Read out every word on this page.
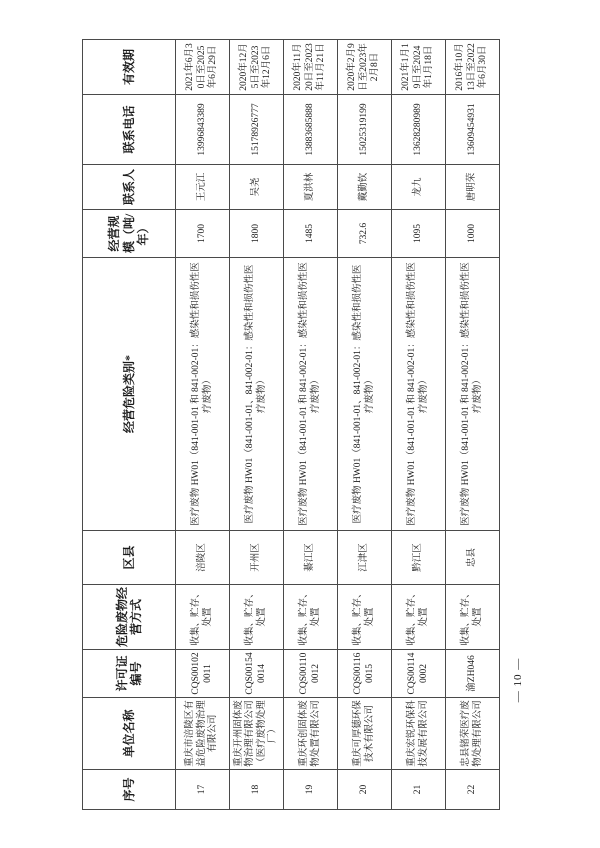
序号	单位名称	许可证编号	危险废物经营方式	区县	经营危险类别*	经营规模（吨/年）	联系人	联系电话	有效期
17	重庆市涪陵区有益危险废物治理有限公司	CQS001020011	收集、贮存、处置	涪陵区	医疗废物 HW01（841-001-01 和 841-002-01：感染性和损伤性医疗废物）	1700	王元江	13996843389	2021年6月30日至2025年6月29日
18	重庆开州固体废物治理有限公司（医疗废物处理厂）	CQS001540014	收集、贮存、处置	开州区	医疗废物 HW01（841-001-01、841-002-01：感染性和损伤性医疗废物）	1800	吴尧	15178926777	2020年12月5日至2023年12月6日
19	重庆环创固体废物处置有限公司	CQS001100012	收集、贮存、处置	綦江区	医疗废物 HW01（841-001-01 和 841-002-01：感染性和损伤性医疗废物）	1485	夏洪林	13883685888	2020年11月20日至2023年11月21日
20	重庆可厚德环保技术有限公司	CQS001160015	收集、贮存、处置	江津区	医疗废物 HW01（841-001-01、841-002-01：感染性和损伤性医疗废物）	732.6	戴勤钦	15025319199	2020年2月9日至2023年2月8日
21	重庆宏锐环保科技发展有限公司	CQS001140002	收集、贮存、处置	黔江区	医疗废物 HW01（841-001-01 和 841-002-01：感染性和损伤性医疗废物）	1095	龙九	13628280989	2021年1月19日至2024年1月18日
22	忠县锗荣医疗废物处理有限公司	渝ZH046	收集、贮存、处置	忠县	医疗废物 HW01（841-001-01 和 841-002-01：感染性和损伤性医疗废物）	1000	唐明荣	13609454931	2016年10月13日至2022年6月30日
— 10 —
